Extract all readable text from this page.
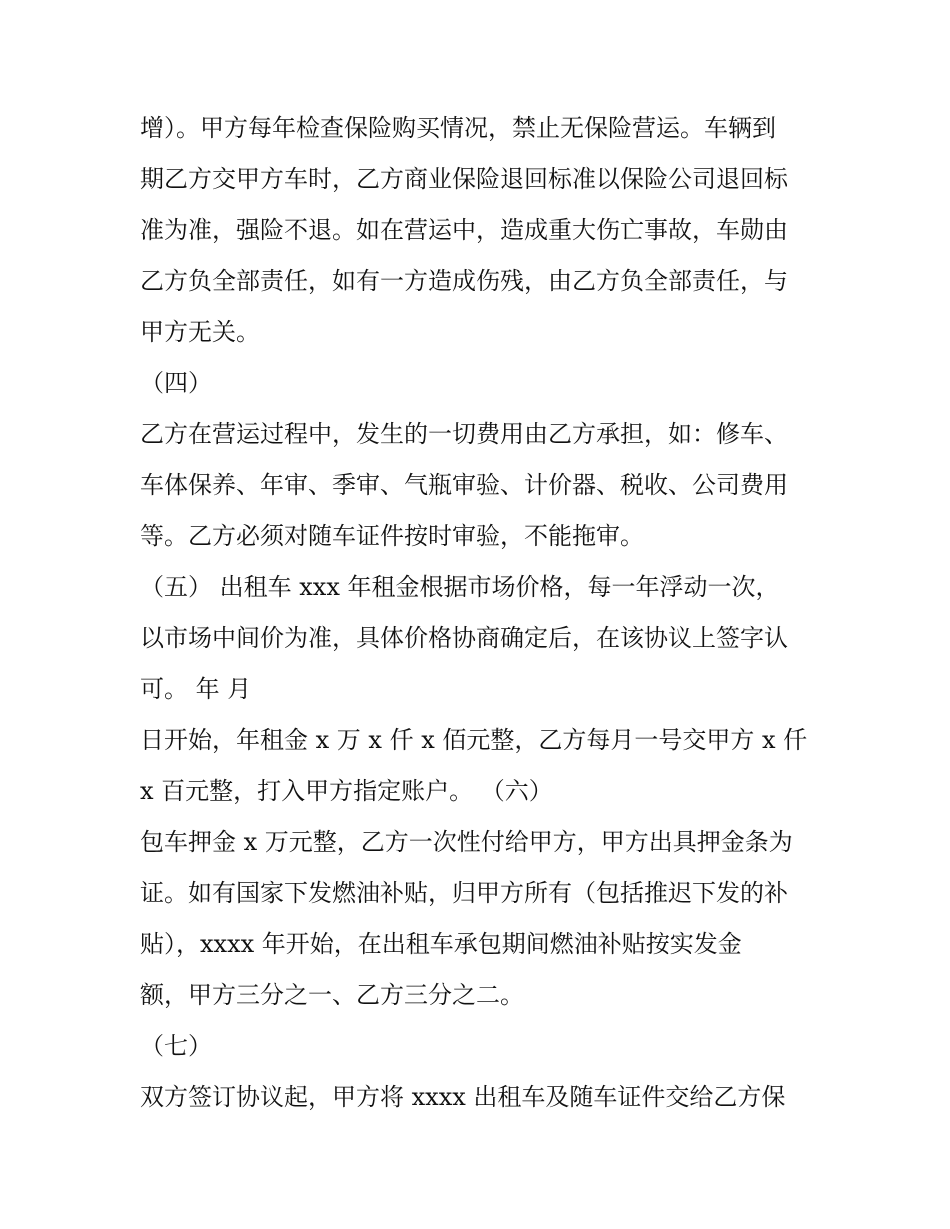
增）。甲方每年检查保险购买情况，禁止无保险营运。车辆到
期乙方交甲方车时，乙方商业保险退回标准以保险公司退回标
准为准，强险不退。如在营运中，造成重大伤亡事故，车勋由
乙方负全部责任，如有一方造成伤残，由乙方负全部责任，与
甲方无关。
（四）
乙方在营运过程中，发生的一切费用由乙方承担，如：修车、
车体保养、年审、季审、气瓶审验、计价器、税收、公司费用
等。乙方必须对随车证件按时审验，不能拖审。
（五） 出租车 xxx 年租金根据市场价格，每一年浮动一次，
以市场中间价为准，具体价格协商确定后，在该协议上签字认
可。 年 月
日开始，年租金 x 万 x 仟 x 佰元整，乙方每月一号交甲方 x 仟
x 百元整，打入甲方指定账户。 （六）
包车押金 x 万元整，乙方一次性付给甲方，甲方出具押金条为
证。如有国家下发燃油补贴，归甲方所有（包括推迟下发的补
贴），xxxx 年开始，在出租车承包期间燃油补贴按实发金
额，甲方三分之一、乙方三分之二。
（七）
双方签订协议起，甲方将 xxxx 出租车及随车证件交给乙方保
